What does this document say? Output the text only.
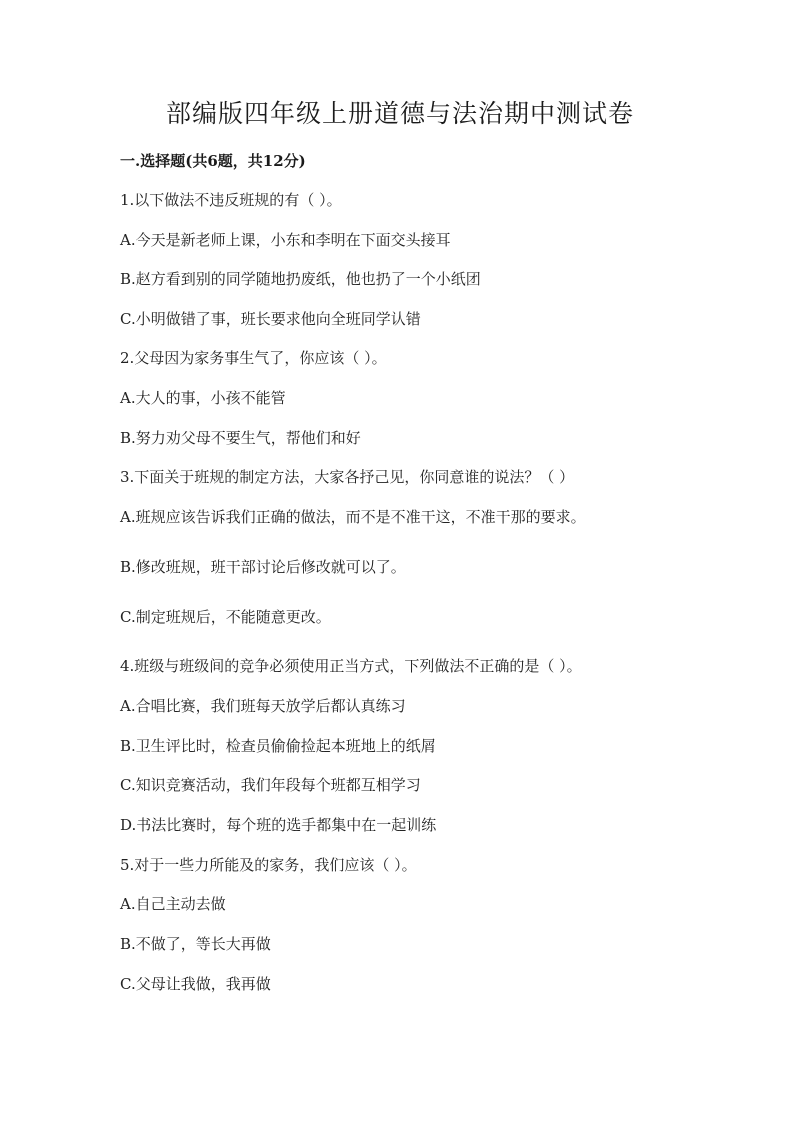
部编版四年级上册道德与法治期中测试卷
一.选择题(共6题，共12分)
1.以下做法不违反班规的有（ ）。
A.今天是新老师上课，小东和李明在下面交头接耳
B.赵方看到别的同学随地扔废纸，他也扔了一个小纸团
C.小明做错了事，班长要求他向全班同学认错
2.父母因为家务事生气了，你应该（ ）。
A.大人的事，小孩不能管
B.努力劝父母不要生气，帮他们和好
3.下面关于班规的制定方法，大家各抒己见，你同意谁的说法？（ ）
A.班规应该告诉我们正确的做法，而不是不准干这，不准干那的要求。
B.修改班规，班干部讨论后修改就可以了。
C.制定班规后，不能随意更改。
4.班级与班级间的竞争必须使用正当方式，下列做法不正确的是（ ）。
A.合唱比赛，我们班每天放学后都认真练习
B.卫生评比时，检查员偷偷捡起本班地上的纸屑
C.知识竞赛活动，我们年段每个班都互相学习
D.书法比赛时，每个班的选手都集中在一起训练
5.对于一些力所能及的家务，我们应该（ ）。
A.自己主动去做
B.不做了，等长大再做
C.父母让我做，我再做
